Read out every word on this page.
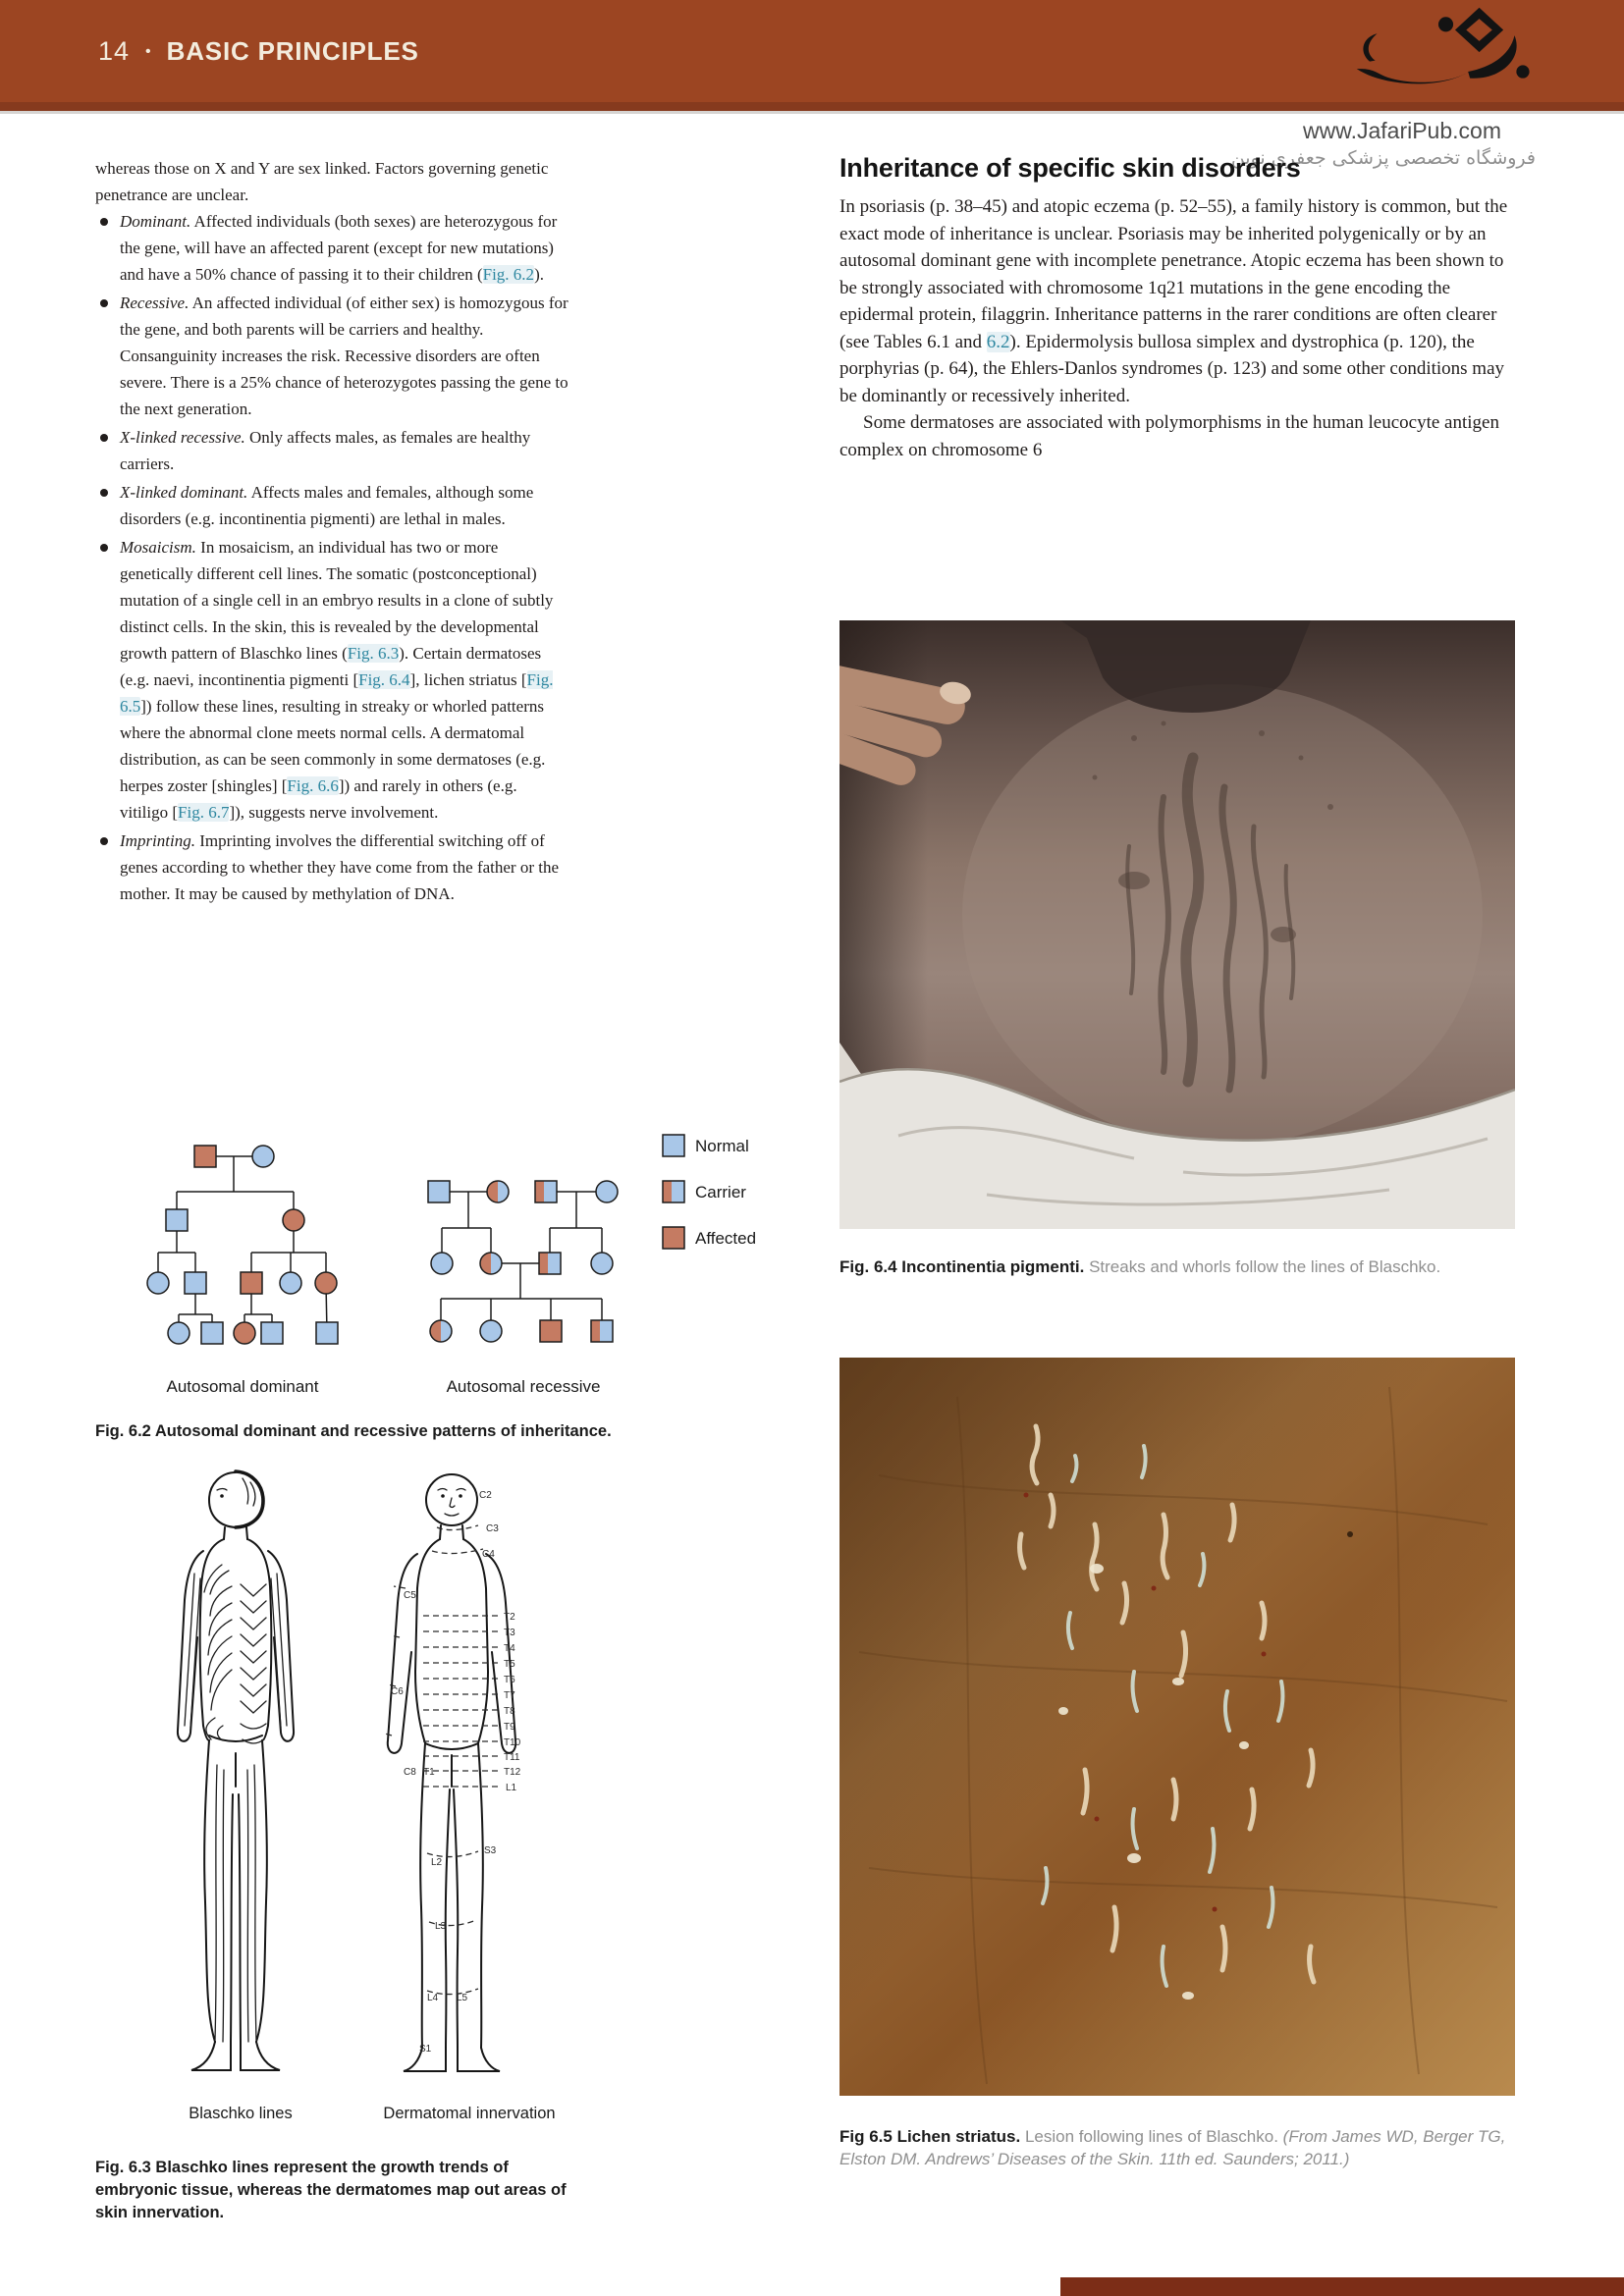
14 • BASIC PRINCIPLES
www.JafariPub.com
فروشگاه تخصصی پزشکی جعفری نوین

whereas those on X and Y are sex linked. Factors governing genetic penetrance are unclear.

Dominant. Affected individuals (both sexes) are heterozygous for the gene, will have an affected parent (except for new mutations) and have a 50% chance of passing it to their children (Fig. 6.2).
Recessive. An affected individual (of either sex) is homozygous for the gene, and both parents will be carriers and healthy. Consanguinity increases the risk. Recessive disorders are often severe. There is a 25% chance of heterozygotes passing the gene to the next generation.
X-linked recessive. Only affects males, as females are healthy carriers.
X-linked dominant. Affects males and females, although some disorders (e.g. incontinentia pigmenti) are lethal in males.
Mosaicism. In mosaicism, an individual has two or more genetically different cell lines. The somatic (postconceptional) mutation of a single cell in an embryo results in a clone of subtly distinct cells. In the skin, this is revealed by the developmental growth pattern of Blaschko lines (Fig. 6.3). Certain dermatoses (e.g. naevi, incontinentia pigmenti [Fig. 6.4], lichen striatus [Fig. 6.5]) follow these lines, resulting in streaky or whorled patterns where the abnormal clone meets normal cells. A dermatomal distribution, as can be seen commonly in some dermatoses (e.g. herpes zoster [shingles] [Fig. 6.6]) and rarely in others (e.g. vitiligo [Fig. 6.7]), suggests nerve involvement.
Imprinting. Imprinting involves the differential switching off of genes according to whether they have come from the father or the mother. It may be caused by methylation of DNA.
Normal
Carrier
Affected
Autosomal dominant	Autosomal recessive

Fig. 6.2 Autosomal dominant and recessive patterns of inheritance.

C2
C3
C4
C5
C6
C8 T1
T2
T3
T4
T5
T6
T7
T8
T9
T10
T11
T12
L1
L2
S3
L3
L4 L5
S1
Blaschko lines	Dermatomal innervation

Fig. 6.3 Blaschko lines represent the growth trends of embryonic tissue, whereas the dermatomes map out areas of skin innervation.

Inheritance of specific skin disorders

In psoriasis (p. 38–45) and atopic eczema (p. 52–55), a family history is common, but the exact mode of inheritance is unclear. Psoriasis may be inherited polygenically or by an autosomal dominant gene with incomplete penetrance. Atopic eczema has been shown to be strongly associated with chromosome 1q21 mutations in the gene encoding the epidermal protein, filaggrin. Inheritance patterns in the rarer conditions are often clearer (see Tables 6.1 and 6.2). Epidermolysis bullosa simplex and dystrophica (p. 120), the porphyrias (p. 64), the Ehlers-Danlos syndromes (p. 123) and some other conditions may be dominantly or recessively inherited.

Some dermatoses are associated with polymorphisms in the human leucocyte antigen complex on chromosome 6

Fig. 6.4 Incontinentia pigmenti. Streaks and whorls follow the lines of Blaschko.

Fig 6.5 Lichen striatus. Lesion following lines of Blaschko. (From James WD, Berger TG, Elston DM. Andrews’ Diseases of the Skin. 11th ed. Saunders; 2011.)
